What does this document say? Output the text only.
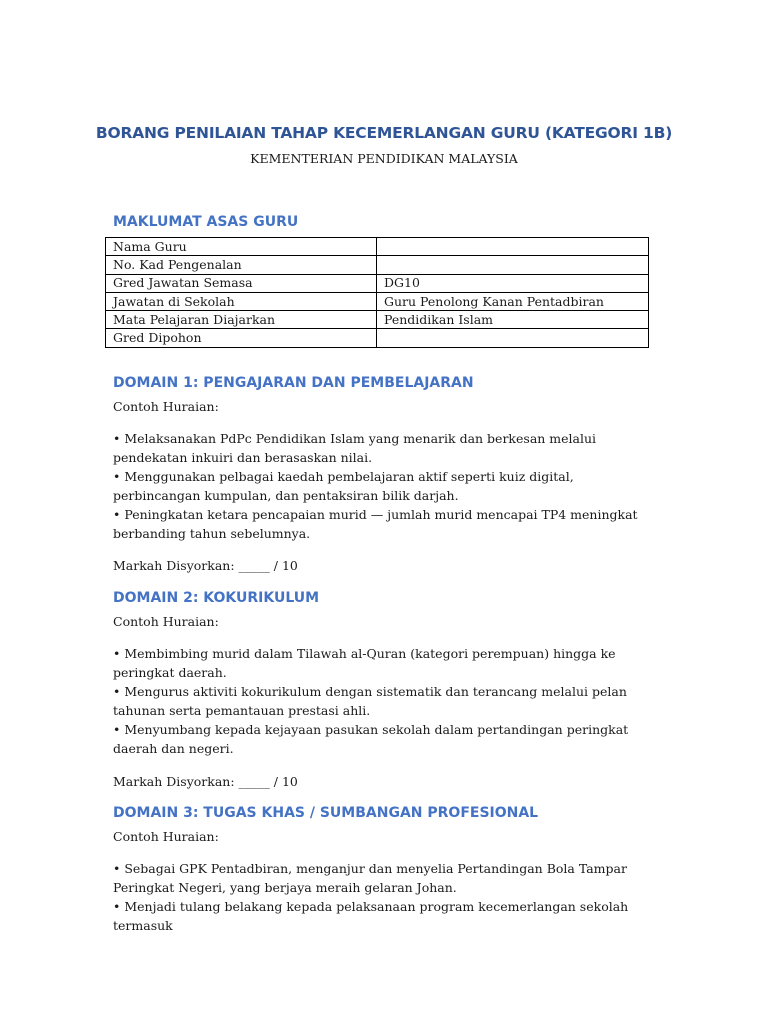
BORANG PENILAIAN TAHAP KECEMERLANGAN GURU (KATEGORI 1B)
KEMENTERIAN PENDIDIKAN MALAYSIA
MAKLUMAT ASAS GURU
Nama Guru	
No. Kad Pengenalan	
Gred Jawatan Semasa	DG10
Jawatan di Sekolah	Guru Penolong Kanan Pentadbiran
Mata Pelajaran Diajarkan	Pendidikan Islam
Gred Dipohon	
DOMAIN 1: PENGAJARAN DAN PEMBELAJARAN
Contoh Huraian:
• Melaksanakan PdPc Pendidikan Islam yang menarik dan berkesan melalui pendekatan inkuiri dan berasaskan nilai.
• Menggunakan pelbagai kaedah pembelajaran aktif seperti kuiz digital, perbincangan kumpulan, dan pentaksiran bilik darjah.
• Peningkatan ketara pencapaian murid — jumlah murid mencapai TP4 meningkat berbanding tahun sebelumnya.
Markah Disyorkan: _____ / 10
DOMAIN 2: KOKURIKULUM
Contoh Huraian:
• Membimbing murid dalam Tilawah al-Quran (kategori perempuan) hingga ke peringkat daerah.
• Mengurus aktiviti kokurikulum dengan sistematik dan terancang melalui pelan tahunan serta pemantauan prestasi ahli.
• Menyumbang kepada kejayaan pasukan sekolah dalam pertandingan peringkat daerah dan negeri.
Markah Disyorkan: _____ / 10
DOMAIN 3: TUGAS KHAS / SUMBANGAN PROFESIONAL
Contoh Huraian:
• Sebagai GPK Pentadbiran, menganjur dan menyelia Pertandingan Bola Tampar Peringkat Negeri, yang berjaya meraih gelaran Johan.
• Menjadi tulang belakang kepada pelaksanaan program kecemerlangan sekolah termasuk
